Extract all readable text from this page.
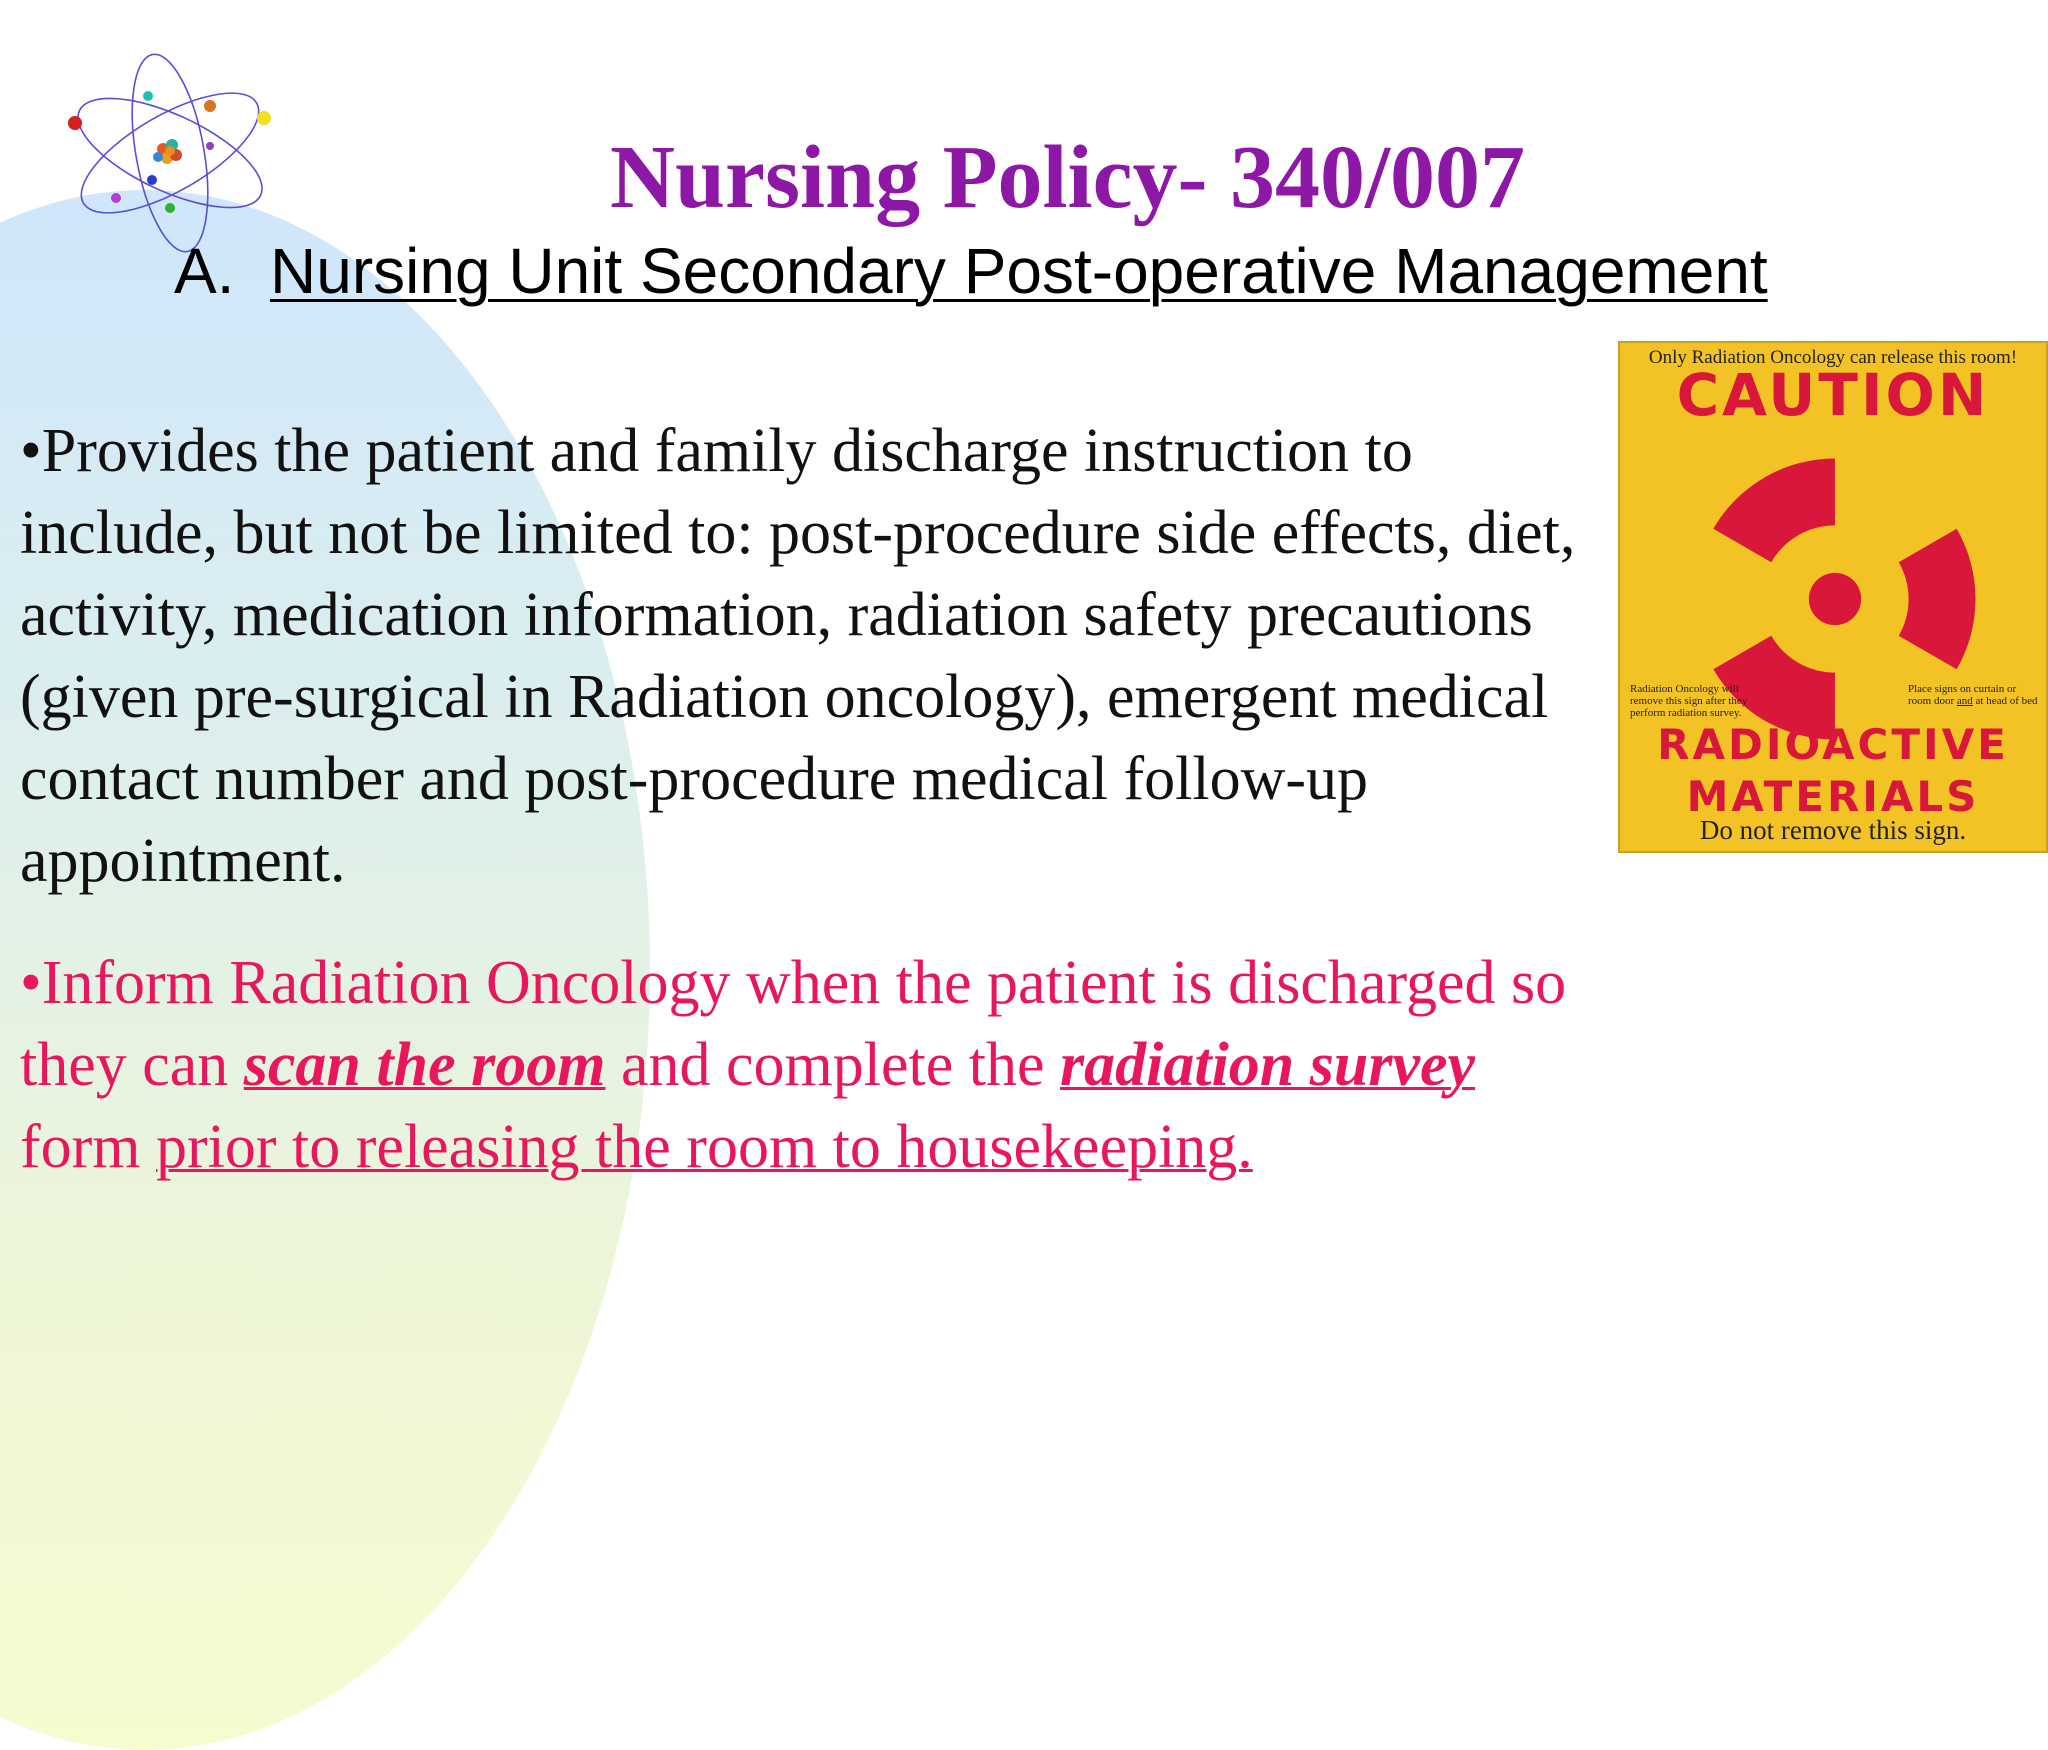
Nursing Policy- 340/007

A. Nursing Unit Secondary Post-operative Management

•Provides the patient and family discharge instruction to include, but not be limited to: post-procedure side effects, diet, activity, medication information, radiation safety precautions (given pre-surgical in Radiation oncology), emergent medical contact number and post-procedure medical follow-up appointment.

•Inform Radiation Oncology when the patient is discharged so they can scan the room and complete the radiation survey form prior to releasing the room to housekeeping.

Only Radiation Oncology can release this room!
CAUTION
Radiation Oncology will remove this sign after they perform radiation survey.
Place signs on curtain or room door and at head of bed
RADIOACTIVE
MATERIALS
Do not remove this sign.
